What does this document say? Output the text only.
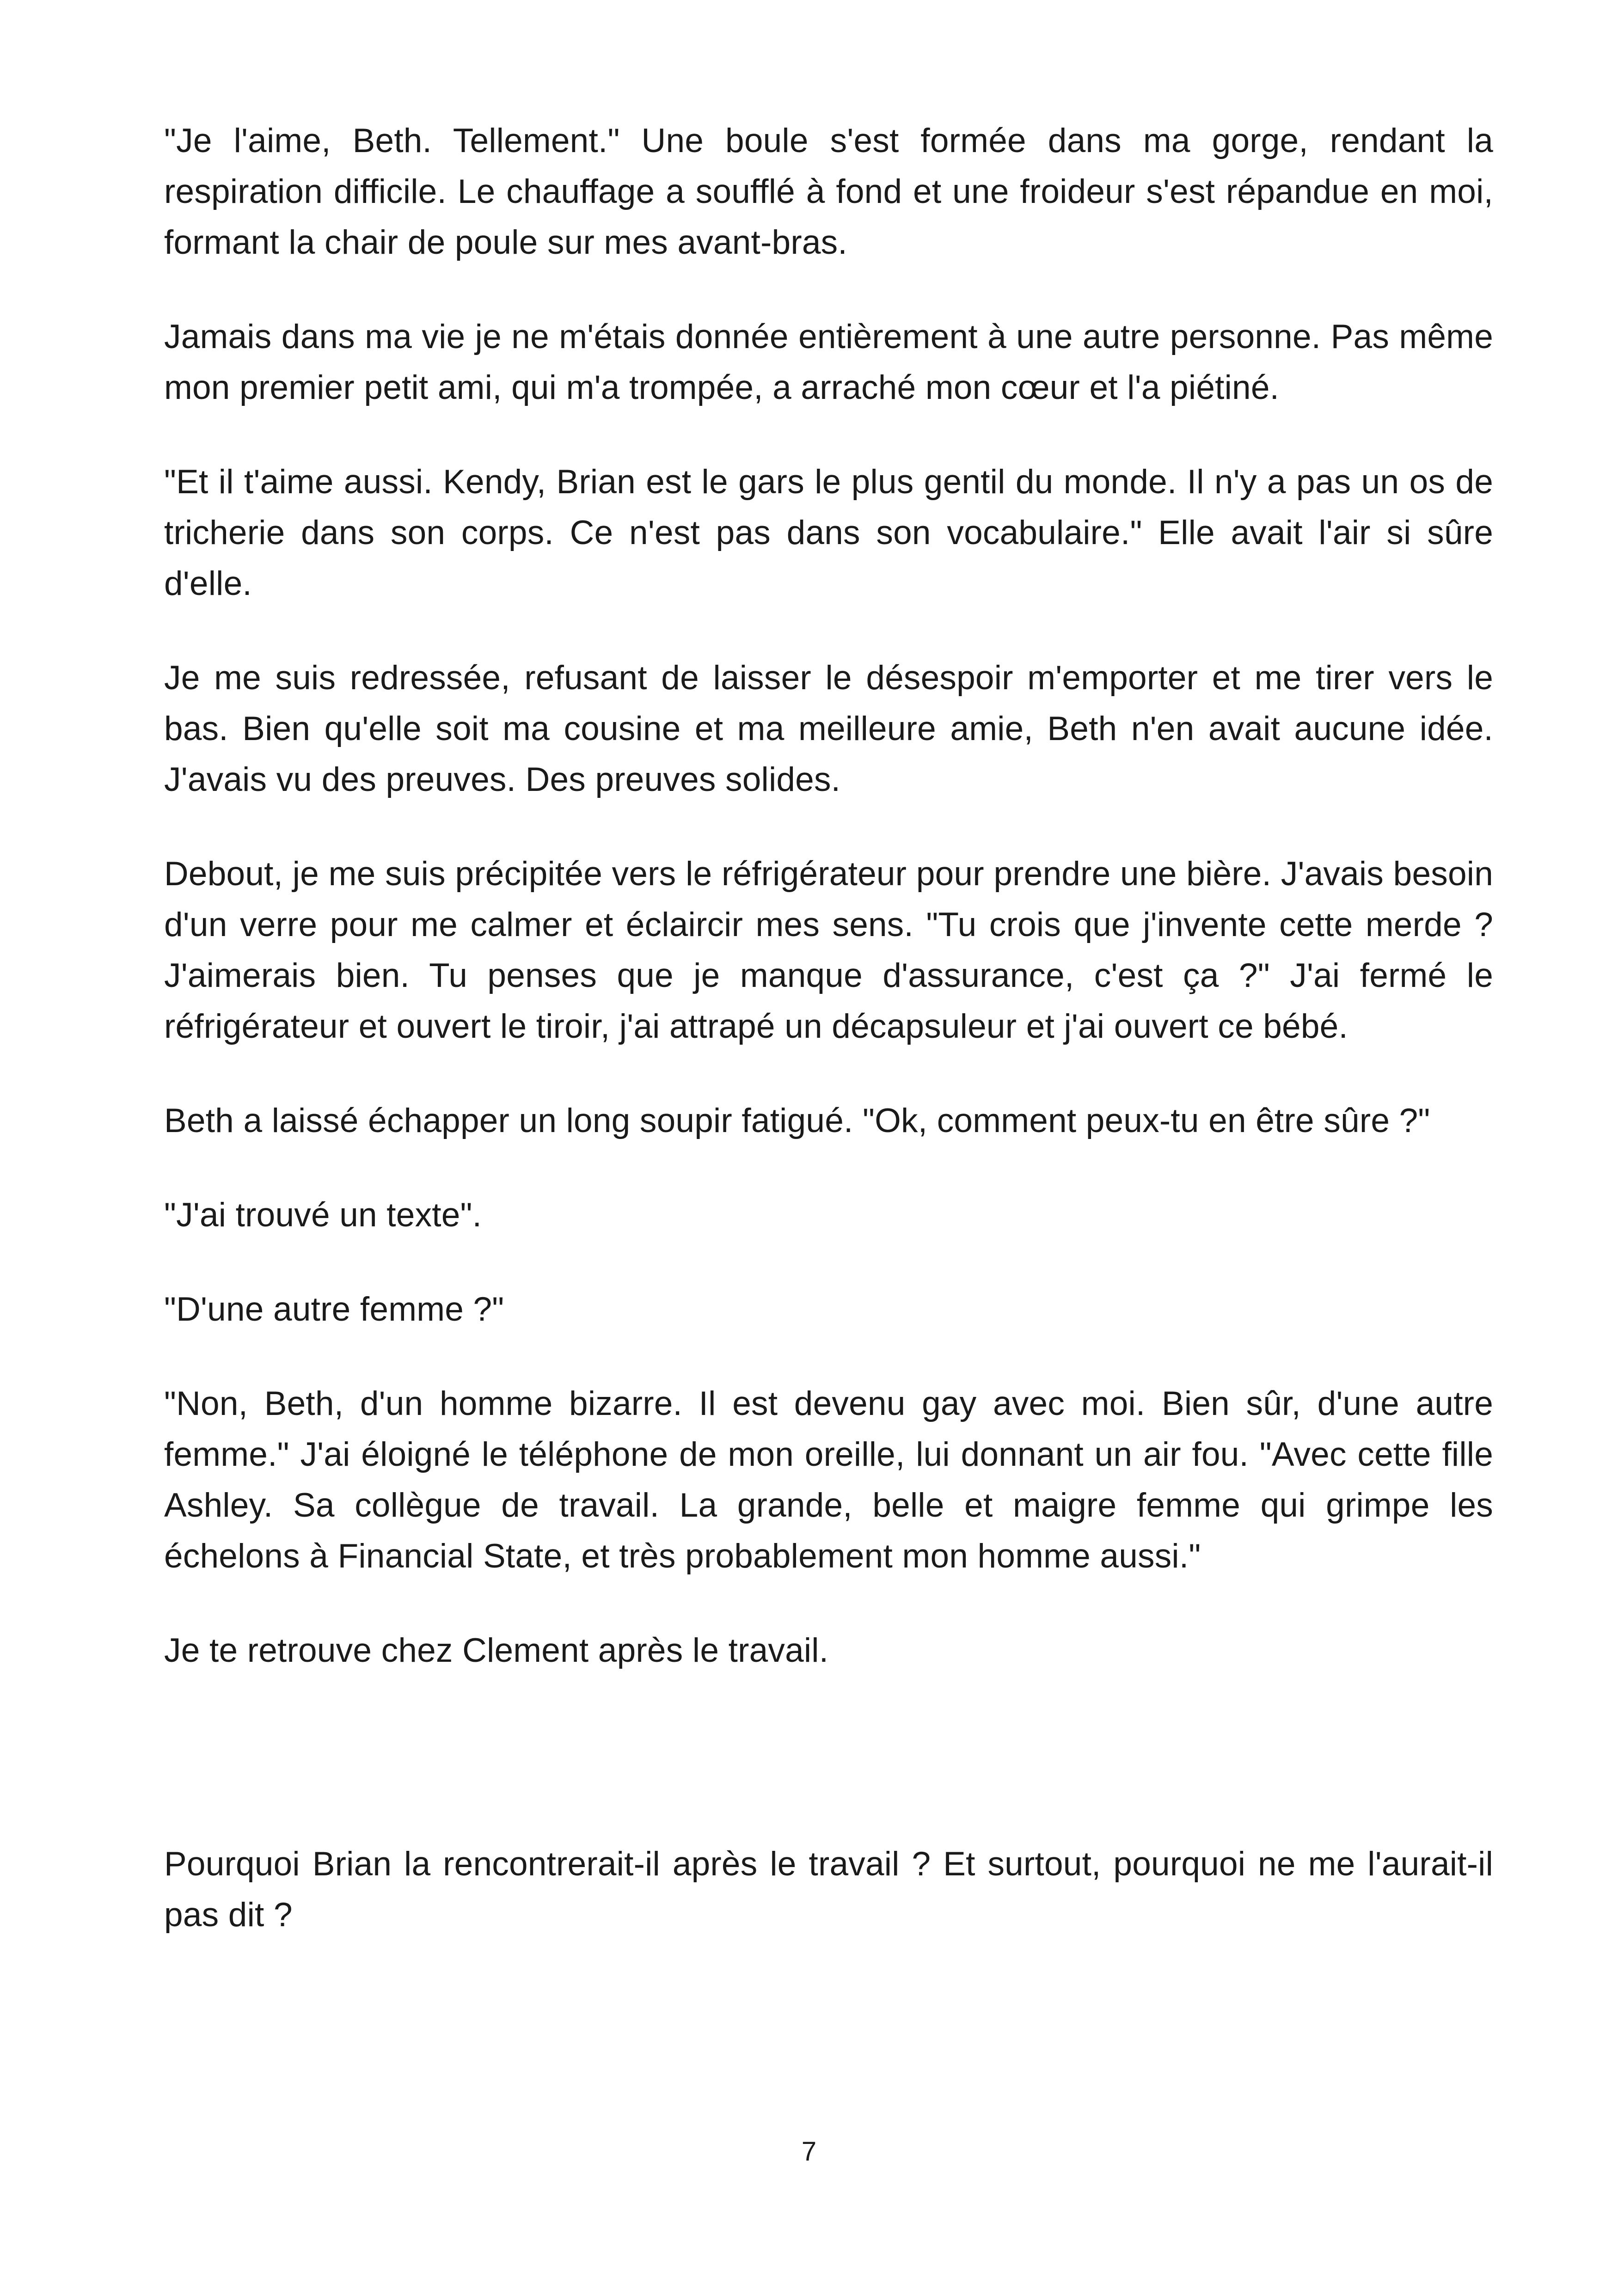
"Je l'aime, Beth. Tellement." Une boule s'est formée dans ma gorge, rendant la respiration difficile. Le chauffage a soufflé à fond et une froideur s'est répandue en moi, formant la chair de poule sur mes avant-bras.

Jamais dans ma vie je ne m'étais donnée entièrement à une autre personne. Pas même mon premier petit ami, qui m'a trompée, a arraché mon cœur et l'a piétiné.

"Et il t'aime aussi. Kendy, Brian est le gars le plus gentil du monde. Il n'y a pas un os de tricherie dans son corps. Ce n'est pas dans son vocabulaire." Elle avait l'air si sûre d'elle.

Je me suis redressée, refusant de laisser le désespoir m'emporter et me tirer vers le bas. Bien qu'elle soit ma cousine et ma meilleure amie, Beth n'en avait aucune idée. J'avais vu des preuves. Des preuves solides.

Debout, je me suis précipitée vers le réfrigérateur pour prendre une bière. J'avais besoin d'un verre pour me calmer et éclaircir mes sens. "Tu crois que j'invente cette merde ? J'aimerais bien. Tu penses que je manque d'assurance, c'est ça ?" J'ai fermé le réfrigérateur et ouvert le tiroir, j'ai attrapé un décapsuleur et j'ai ouvert ce bébé.

Beth a laissé échapper un long soupir fatigué. "Ok, comment peux-tu en être sûre ?"

"J'ai trouvé un texte".

"D'une autre femme ?"

"Non, Beth, d'un homme bizarre. Il est devenu gay avec moi. Bien sûr, d'une autre femme." J'ai éloigné le téléphone de mon oreille, lui donnant un air fou. "Avec cette fille Ashley. Sa collègue de travail. La grande, belle et maigre femme qui grimpe les échelons à Financial State, et très probablement mon homme aussi."

Je te retrouve chez Clement après le travail.

Pourquoi Brian la rencontrerait-il après le travail ? Et surtout, pourquoi ne me l'aurait-il pas dit ?

7
